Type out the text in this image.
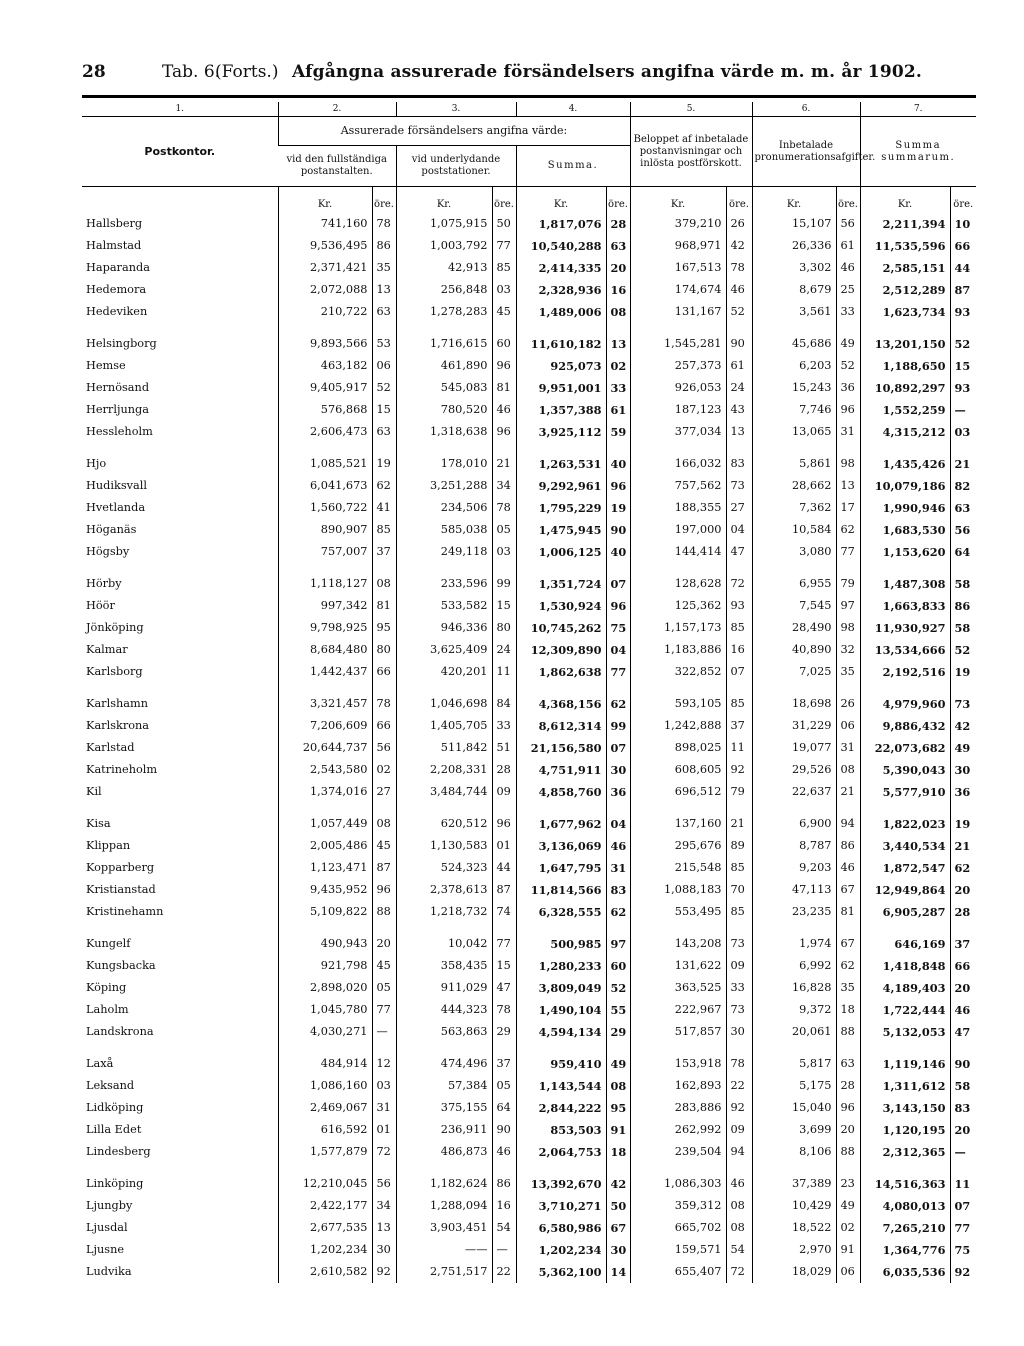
28	Tab. 6.
(Forts.) Afgångna assurerade försändelsers angifna värde m. m. år 1902.

1.	2.		3.		4.		5.		6.		7.	
Postkontor.	Assurerade försändelsers angifna värde:						Beloppet af inbetalade postanvisningar och inlösta postförskott.		Inbetalade pronumerationsafgifter.		Summa summarum.	
	vid den fullständiga postanstalten.		vid underlydande poststationer.		Summa.							
	Kr.	öre.	Kr.	öre.	Kr.	öre.	Kr.	öre.	Kr.	öre.	Kr.	öre.
Hallsberg	741,160	78	1,075,915	50	1,817,076	28	379,210	26	15,107	56	2,211,394	10
Halmstad	9,536,495	86	1,003,792	77	10,540,288	63	968,971	42	26,336	61	11,535,596	66
Haparanda	2,371,421	35	42,913	85	2,414,335	20	167,513	78	3,302	46	2,585,151	44
Hedemora	2,072,088	13	256,848	03	2,328,936	16	174,674	46	8,679	25	2,512,289	87
Hedeviken	210,722	63	1,278,283	45	1,489,006	08	131,167	52	3,561	33	1,623,734	93
Helsingborg	9,893,566	53	1,716,615	60	11,610,182	13	1,545,281	90	45,686	49	13,201,150	52
Hemse	463,182	06	461,890	96	925,073	02	257,373	61	6,203	52	1,188,650	15
Hernösand	9,405,917	52	545,083	81	9,951,001	33	926,053	24	15,243	36	10,892,297	93
Herrljunga	576,868	15	780,520	46	1,357,388	61	187,123	43	7,746	96	1,552,259	—
Hessleholm	2,606,473	63	1,318,638	96	3,925,112	59	377,034	13	13,065	31	4,315,212	03
Hjo	1,085,521	19	178,010	21	1,263,531	40	166,032	83	5,861	98	1,435,426	21
Hudiksvall	6,041,673	62	3,251,288	34	9,292,961	96	757,562	73	28,662	13	10,079,186	82
Hvetlanda	1,560,722	41	234,506	78	1,795,229	19	188,355	27	7,362	17	1,990,946	63
Höganäs	890,907	85	585,038	05	1,475,945	90	197,000	04	10,584	62	1,683,530	56
Högsby	757,007	37	249,118	03	1,006,125	40	144,414	47	3,080	77	1,153,620	64
Hörby	1,118,127	08	233,596	99	1,351,724	07	128,628	72	6,955	79	1,487,308	58
Höör	997,342	81	533,582	15	1,530,924	96	125,362	93	7,545	97	1,663,833	86
Jönköping	9,798,925	95	946,336	80	10,745,262	75	1,157,173	85	28,490	98	11,930,927	58
Kalmar	8,684,480	80	3,625,409	24	12,309,890	04	1,183,886	16	40,890	32	13,534,666	52
Karlsborg	1,442,437	66	420,201	11	1,862,638	77	322,852	07	7,025	35	2,192,516	19
Karlshamn	3,321,457	78	1,046,698	84	4,368,156	62	593,105	85	18,698	26	4,979,960	73
Karlskrona	7,206,609	66	1,405,705	33	8,612,314	99	1,242,888	37	31,229	06	9,886,432	42
Karlstad	20,644,737	56	511,842	51	21,156,580	07	898,025	11	19,077	31	22,073,682	49
Katrineholm	2,543,580	02	2,208,331	28	4,751,911	30	608,605	92	29,526	08	5,390,043	30
Kil	1,374,016	27	3,484,744	09	4,858,760	36	696,512	79	22,637	21	5,577,910	36
Kisa	1,057,449	08	620,512	96	1,677,962	04	137,160	21	6,900	94	1,822,023	19
Klippan	2,005,486	45	1,130,583	01	3,136,069	46	295,676	89	8,787	86	3,440,534	21
Kopparberg	1,123,471	87	524,323	44	1,647,795	31	215,548	85	9,203	46	1,872,547	62
Kristianstad	9,435,952	96	2,378,613	87	11,814,566	83	1,088,183	70	47,113	67	12,949,864	20
Kristinehamn	5,109,822	88	1,218,732	74	6,328,555	62	553,495	85	23,235	81	6,905,287	28
Kungelf	490,943	20	10,042	77	500,985	97	143,208	73	1,974	67	646,169	37
Kungsbacka	921,798	45	358,435	15	1,280,233	60	131,622	09	6,992	62	1,418,848	66
Köping	2,898,020	05	911,029	47	3,809,049	52	363,525	33	16,828	35	4,189,403	20
Laholm	1,045,780	77	444,323	78	1,490,104	55	222,967	73	9,372	18	1,722,444	46
Landskrona	4,030,271	—	563,863	29	4,594,134	29	517,857	30	20,061	88	5,132,053	47
Laxå	484,914	12	474,496	37	959,410	49	153,918	78	5,817	63	1,119,146	90
Leksand	1,086,160	03	57,384	05	1,143,544	08	162,893	22	5,175	28	1,311,612	58
Lidköping	2,469,067	31	375,155	64	2,844,222	95	283,886	92	15,040	96	3,143,150	83
Lilla Edet	616,592	01	236,911	90	853,503	91	262,992	09	3,699	20	1,120,195	20
Lindesberg	1,577,879	72	486,873	46	2,064,753	18	239,504	94	8,106	88	2,312,365	—
Linköping	12,210,045	56	1,182,624	86	13,392,670	42	1,086,303	46	37,389	23	14,516,363	11
Ljungby	2,422,177	34	1,288,094	16	3,710,271	50	359,312	08	10,429	49	4,080,013	07
Ljusdal	2,677,535	13	3,903,451	54	6,580,986	67	665,702	08	18,522	02	7,265,210	77
Ljusne	1,202,234	30	——	—	1,202,234	30	159,571	54	2,970	91	1,364,776	75
Ludvika	2,610,582	92	2,751,517	22	5,362,100	14	655,407	72	18,029	06	6,035,536	92
